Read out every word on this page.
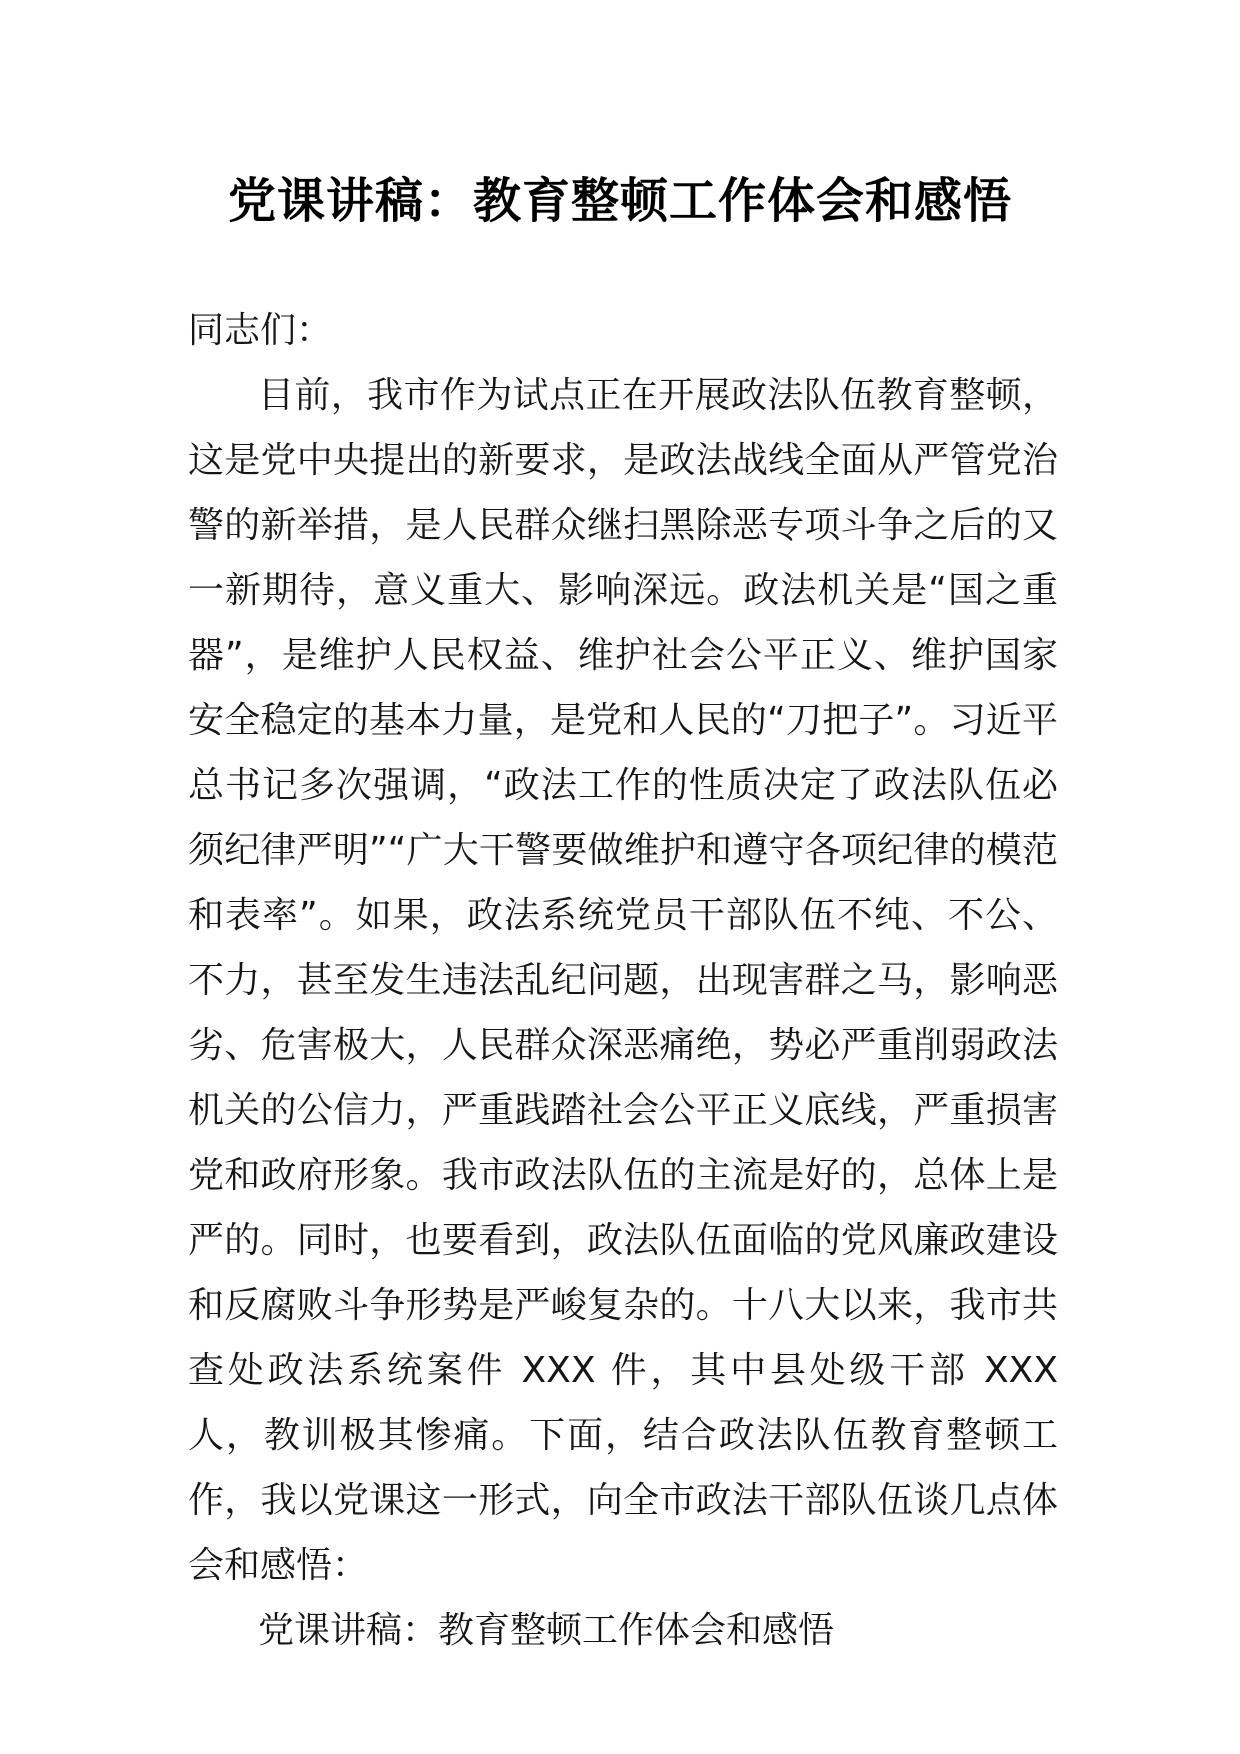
党课讲稿：教育整顿工作体会和感悟

同志们：

目前，我市作为试点正在开展政法队伍教育整顿，这是党中央提出的新要求，是政法战线全面从严管党治警的新举措，是人民群众继扫黑除恶专项斗争之后的又一新期待，意义重大、影响深远。政法机关是“国之重器”，是维护人民权益、维护社会公平正义、维护国家安全稳定的基本力量，是党和人民的“刀把子”。习近平总书记多次强调，“政法工作的性质决定了政法队伍必须纪律严明”“广大干警要做维护和遵守各项纪律的模范和表率”。如果，政法系统党员干部队伍不纯、不公、不力，甚至发生违法乱纪问题，出现害群之马，影响恶劣、危害极大，人民群众深恶痛绝，势必严重削弱政法机关的公信力，严重践踏社会公平正义底线，严重损害党和政府形象。我市政法队伍的主流是好的，总体上是严的。同时，也要看到，政法队伍面临的党风廉政建设和反腐败斗争形势是严峻复杂的。十八大以来，我市共查处政法系统案件 XXX 件，其中县处级干部 XXX 人，教训极其惨痛。下面，结合政法队伍教育整顿工作，我以党课这一形式，向全市政法干部队伍谈几点体会和感悟：

党课讲稿：教育整顿工作体会和感悟
